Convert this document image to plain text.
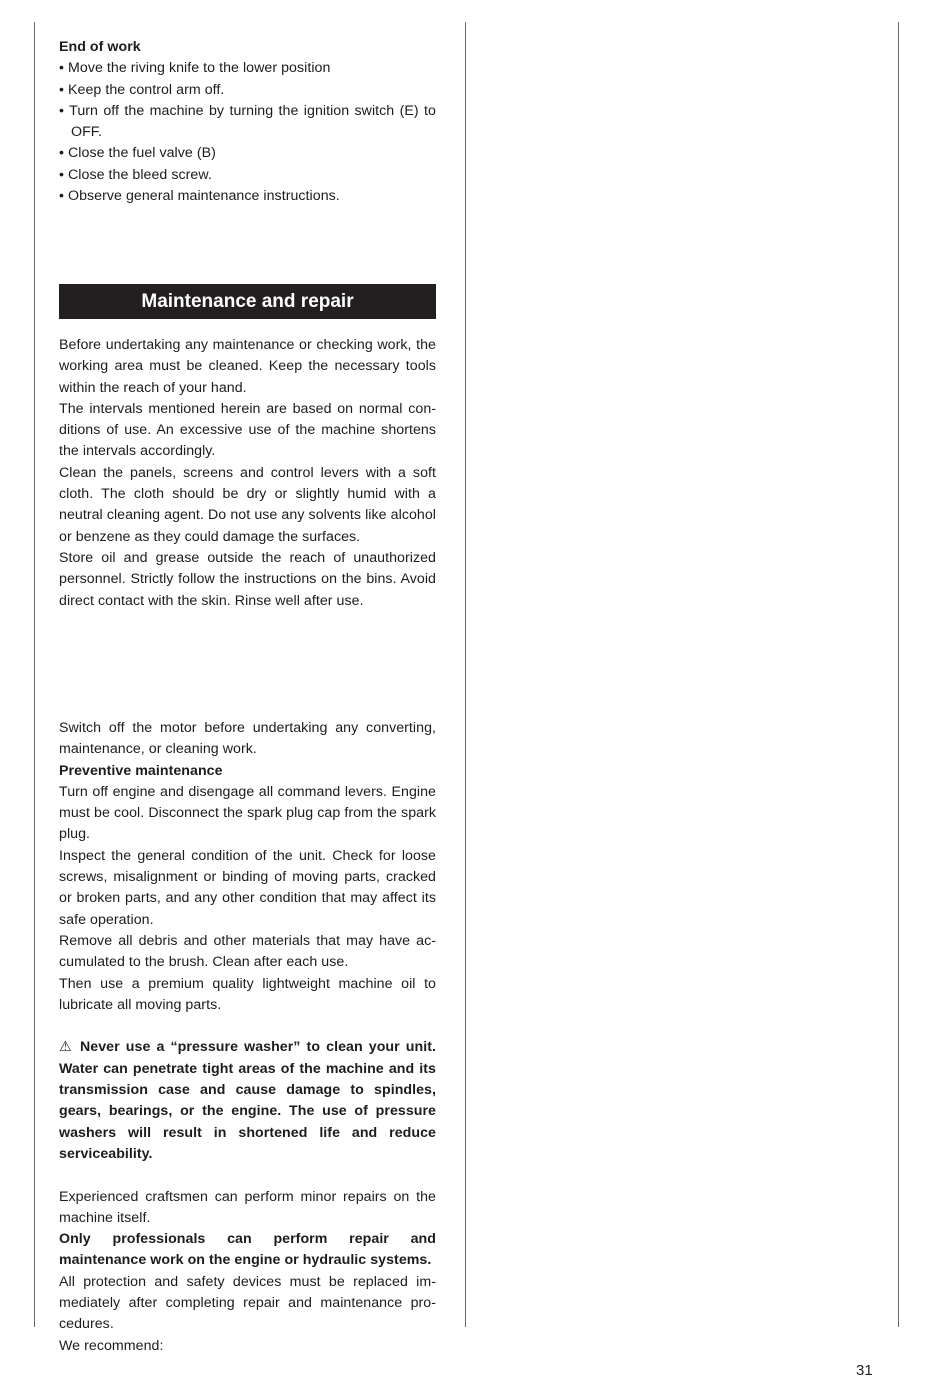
End of work

• Move the riving knife to the lower position

• Keep the control arm off.

• Turn off the machine by turning the ignition switch (E) to OFF.

• Close the fuel valve (B)

• Close the bleed screw.

• Observe general maintenance instructions.

Maintenance and repair

Before undertaking any maintenance or checking work, the working area must be cleaned. Keep the necessary tools within the reach of your hand.

The intervals mentioned herein are based on normal conditions of use. An excessive use of the machine shortens the intervals accordingly.

Clean the panels, screens and control levers with a soft cloth. The cloth should be dry or slightly humid with a neutral cleaning agent. Do not use any solvents like alcohol or benzene as they could damage the surfaces.

Store oil and grease outside the reach of unauthorized personnel. Strictly follow the instructions on the bins. Avoid direct contact with the skin. Rinse well after use.

Switch off the motor before undertaking any converting, maintenance, or cleaning work.

Preventive maintenance

Turn off engine and disengage all command levers. Engine must be cool. Disconnect the spark plug cap from the spark plug.

Inspect the general condition of the unit. Check for loose screws, misalignment or binding of moving parts, cracked or broken parts, and any other condition that may affect its safe operation.

Remove all debris and other materials that may have accumulated to the brush. Clean after each use.

Then use a premium quality lightweight machine oil to lubricate all moving parts.

⚠ Never use a “pressure washer” to clean your unit. Water can penetrate tight areas of the machine and its transmission case and cause damage to spindles, gears, bearings, or the engine. The use of pressure washers will result in shortened life and reduce serviceability.

Experienced craftsmen can perform minor repairs on the machine itself.

Only professionals can perform repair and maintenance work on the engine or hydraulic systems.

All protection and safety devices must be replaced immediately after completing repair and maintenance procedures.

We recommend:

31
